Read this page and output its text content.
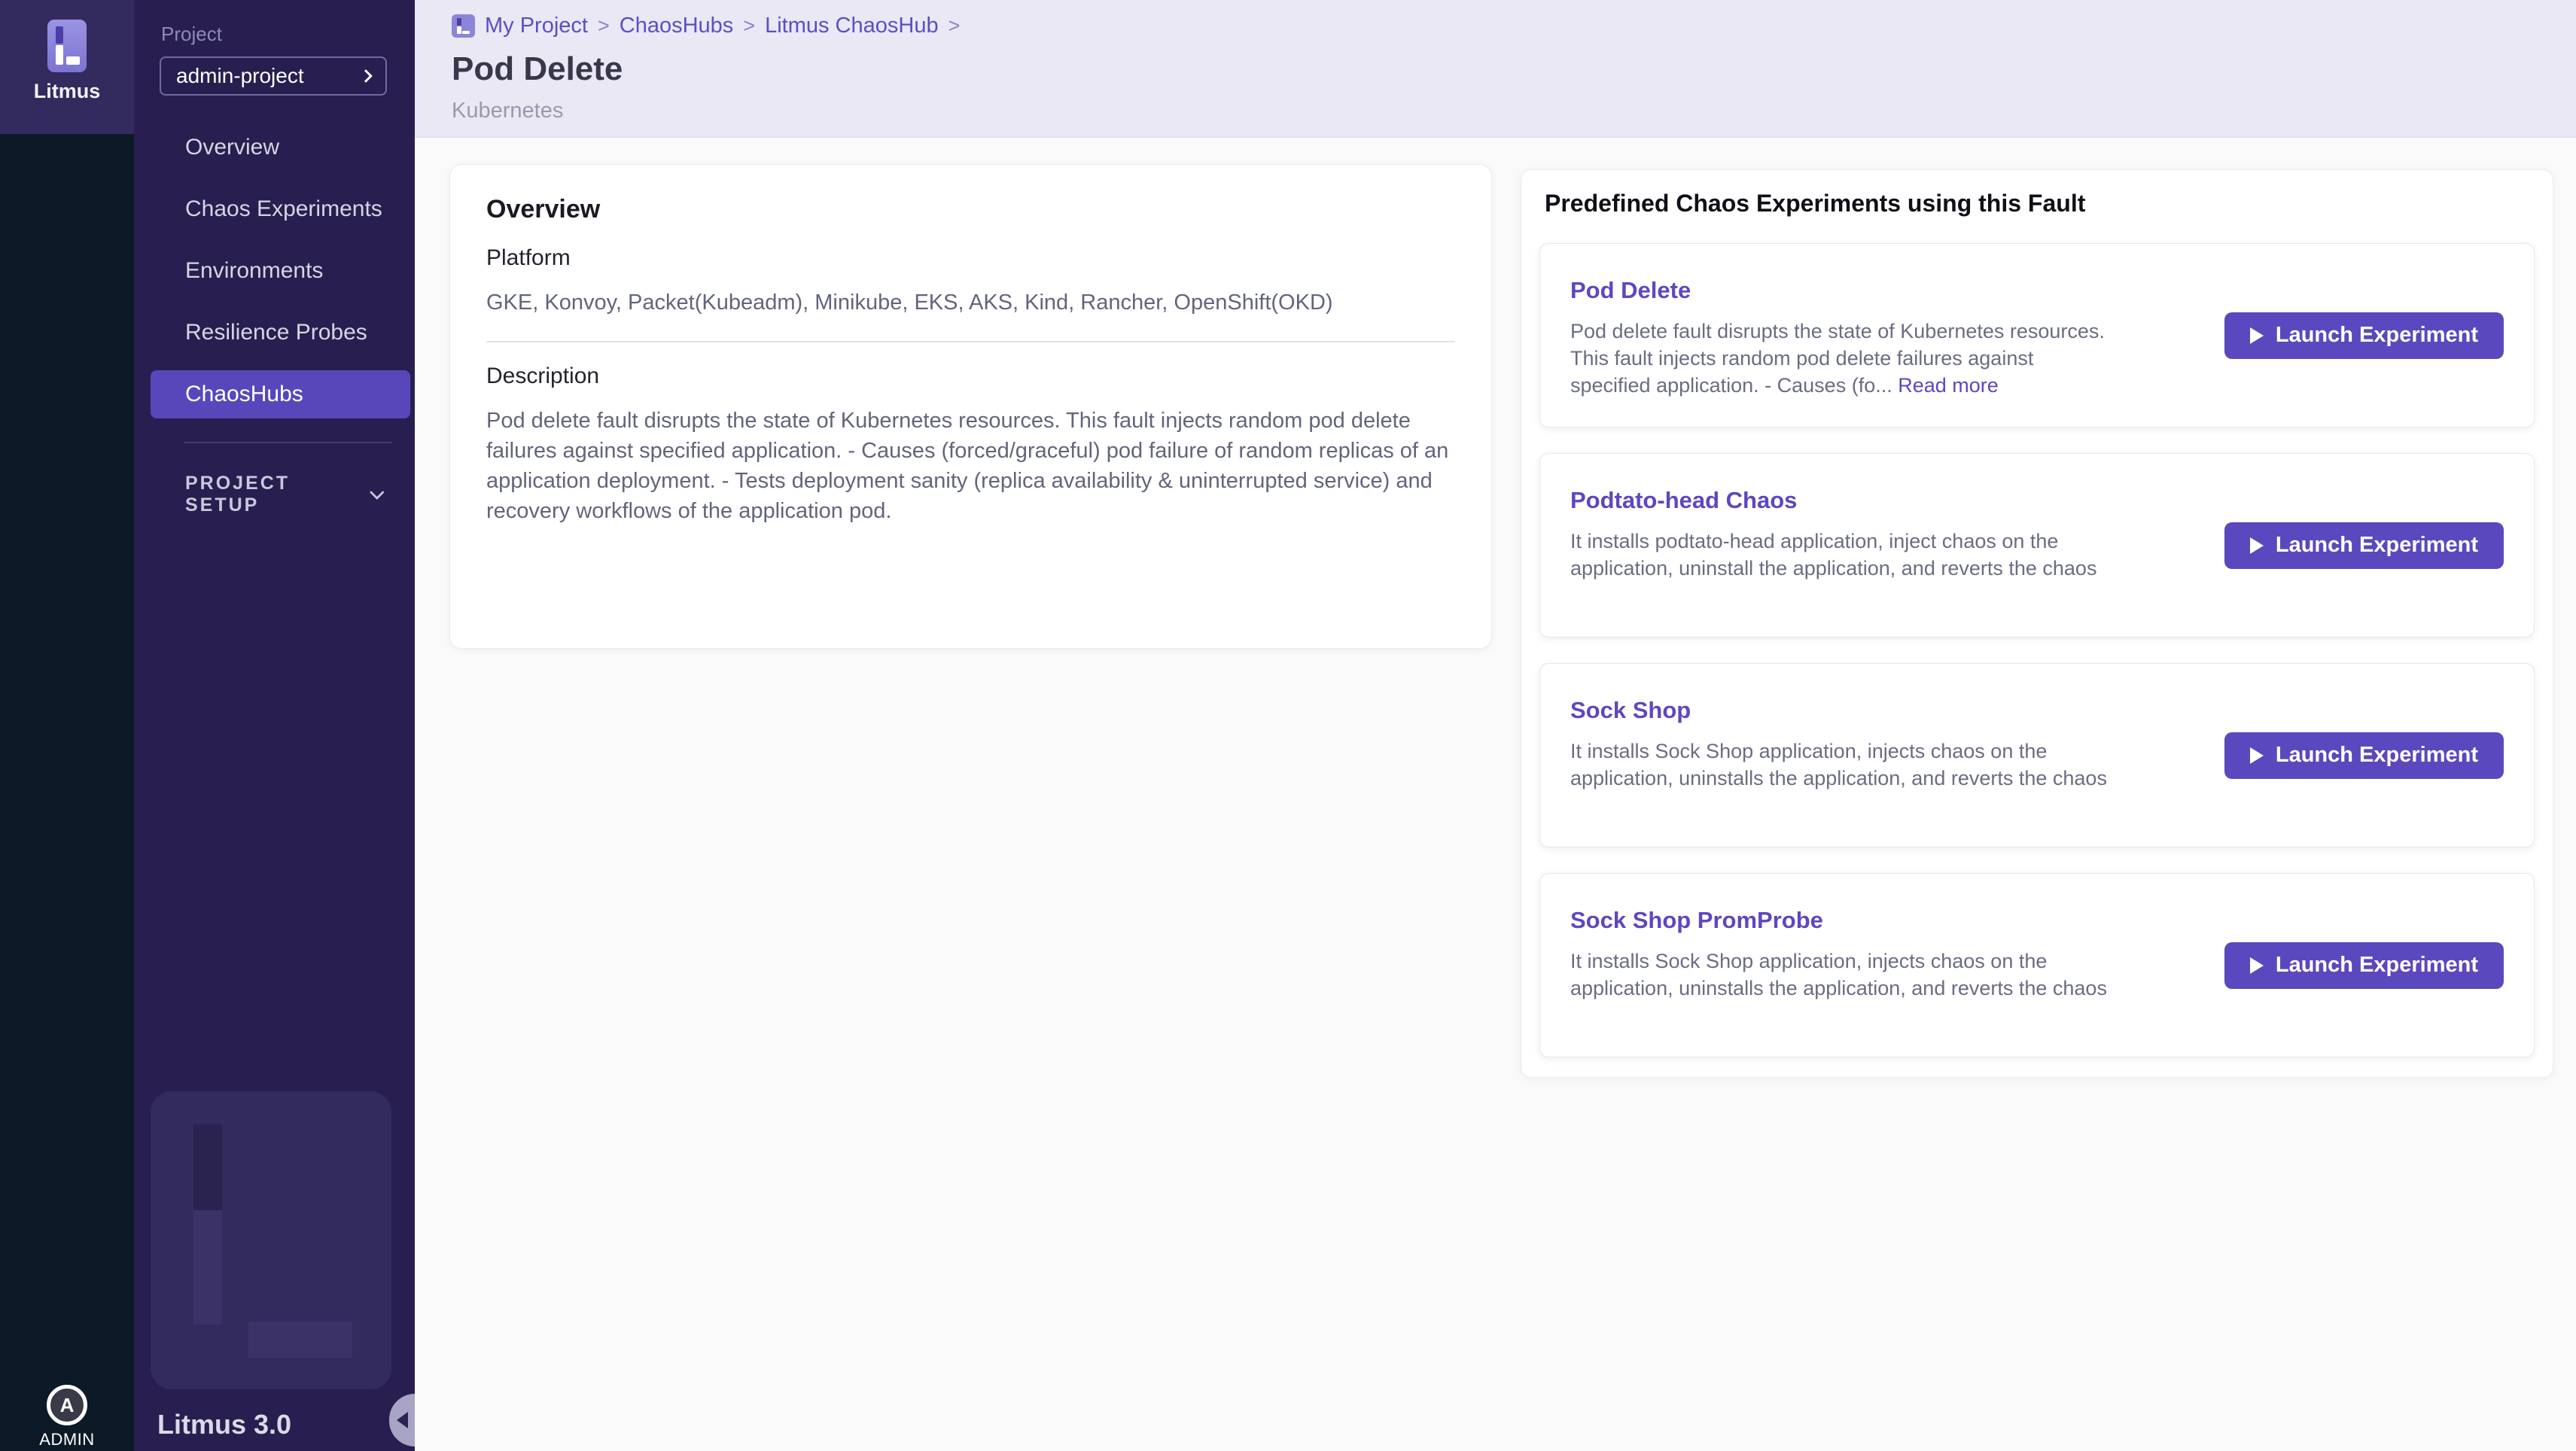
Litmus
A
ADMIN
Project
admin-project
Overview
Chaos Experiments
Environments
Resilience Probes
ChaosHubs
PROJECT SETUP
Litmus 3.0
My Project > ChaosHubs > Litmus ChaosHub >
Pod Delete
Kubernetes
Overview
Platform
GKE, Konvoy, Packet(Kubeadm), Minikube, EKS, AKS, Kind, Rancher, OpenShift(OKD)
Description
Pod delete fault disrupts the state of Kubernetes resources. This fault injects random pod delete failures against specified application. - Causes (forced/graceful) pod failure of random replicas of an application deployment. - Tests deployment sanity (replica availability & uninterrupted service) and recovery workflows of the application pod.
Predefined Chaos Experiments using this Fault
Pod Delete
Pod delete fault disrupts the state of Kubernetes resources. This fault injects random pod delete failures against specified application. - Causes (fo... Read more
Launch Experiment
Podtato-head Chaos
It installs podtato-head application, inject chaos on the application, uninstall the application, and reverts the chaos
Launch Experiment
Sock Shop
It installs Sock Shop application, injects chaos on the application, uninstalls the application, and reverts the chaos
Launch Experiment
Sock Shop PromProbe
It installs Sock Shop application, injects chaos on the application, uninstalls the application, and reverts the chaos
Launch Experiment
